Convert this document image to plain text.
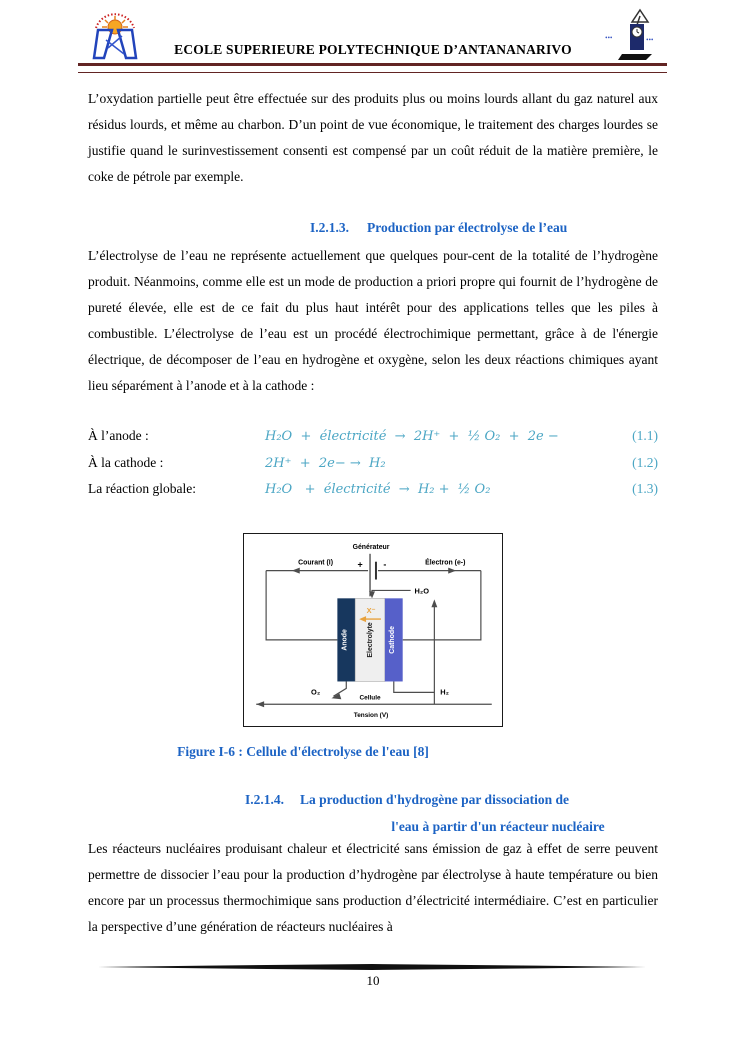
ECOLE SUPERIEURE POLYTECHNIQUE D’ANTANANARIVO
•••	•••

L’oxydation partielle peut être effectuée sur des produits plus ou moins lourds allant du gaz naturel aux résidus lourds, et même au charbon. D’un point de vue économique, le traitement des charges lourdes se justifie quand le surinvestissement consenti est compensé par un coût réduit de la matière première, le coke de pétrole par exemple.

I.2.1.3. Production par électrolyse de l’eau

L’électrolyse de l’eau ne représente actuellement que quelques pour-cent de la totalité de l’hydrogène produit. Néanmoins, comme elle est un mode de production a priori propre qui fournit de l’hydrogène de pureté élevée, elle est de ce fait du plus haut intérêt pour des applications telles que les piles à combustible. L’électrolyse de l’eau est un procédé électrochimique permettant, grâce à de l'énergie électrique, de décomposer de l’eau en hydrogène et oxygène, selon les deux réactions chimiques ayant lieu séparément à l’anode et à la cathode :

À l’anode :	H₂O  +  électricité  →  2H⁺  +  ½ O₂  +  2e −	(1.1)
À la cathode :	2H⁺  +  2e− →  H₂	(1.2)
La réaction globale:	H₂O   +  électricité  →  H₂ +  ½ O₂	(1.3)
Générateur
+ -
Courant (I)	Électron (e-)
H₂O
X⁻
Anode	Electrolyte Cathode
O₂	H₂
Cellule
Tension (V)
Figure I-6 : Cellule d'électrolyse de l'eau [8]
I.2.1.4. La production d'hydrogène par dissociation de
l'eau à partir d'un réacteur nucléaire

Les réacteurs nucléaires produisant chaleur et électricité sans émission de gaz à effet de serre peuvent permettre de dissocier l’eau pour la production d’hydrogène par électrolyse à haute température ou bien encore par un processus thermochimique sans production d’électricité intermédiaire. C’est en particulier la perspective d’une génération de réacteurs nucléaires à

10
